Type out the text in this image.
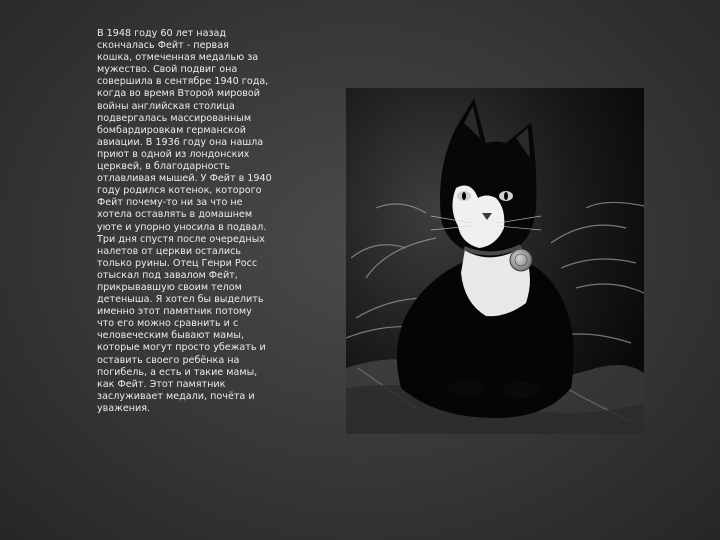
В 1948 году 60 лет назад
скончалась Фейт - первая
кошка, отмеченная медалью за
мужество. Свой подвиг она
совершила в сентябре 1940 года,
когда во время Второй мировой
войны английская столица
подвергалась массированным
бомбардировкам германской
авиации. В 1936 году она нашла
приют в одной из лондонских
церквей, в благодарность
отлавливая мышей. У Фейт в 1940
году родился котенок, которого
Фейт почему-то ни за что не
хотела оставлять в домашнем
уюте и упорно уносила в подвал.
Три дня спустя после очередных
налетов от церкви остались
только руины. Отец Генри Росс
отыскал под завалом Фейт,
прикрывавшую своим телом
детеныша. Я хотел бы выделить
именно этот памятник потому
что его можно сравнить и с
человеческим бывают мамы,
которые могут просто убежать и
оставить своего ребёнка на
погибель, а есть и такие мамы,
как Фейт. Этот памятник
заслуживает медали, почёта и
уважения.
